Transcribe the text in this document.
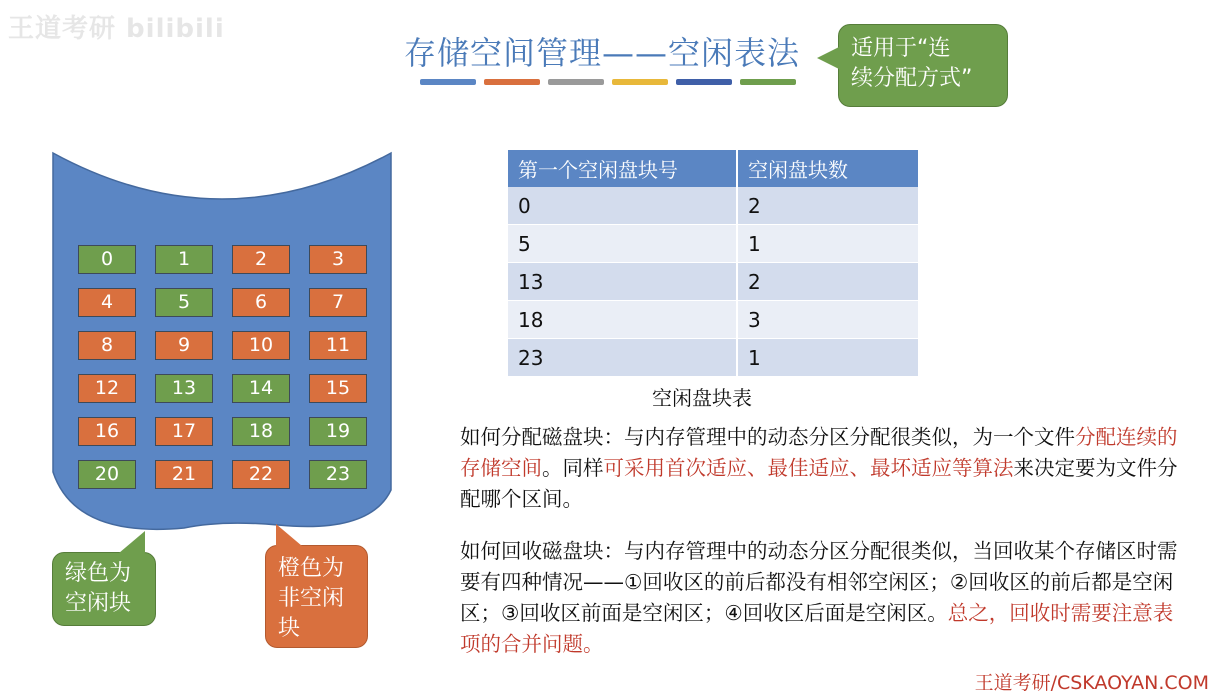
王道考研 bilibili
存储空间管理——空闲表法 适用于“连
续分配方式”
0	1	2	3
4	5	6	7
8	9	10	11
12	13	14	15
16	17	18	19
20	21	22	23
绿色为
空闲块
橙色为
非空闲
块
第一个空闲盘块号	空闲盘块数
0	2
5	1
13	2
18	3
23	1
空闲盘块表
如何分配磁盘块：与内存管理中的动态分区分配很类似，为一个文件分配连续的存储空间。同样可采用首次适应、最佳适应、最坏适应等算法来决定要为文件分配哪个区间。
如何回收磁盘块：与内存管理中的动态分区分配很类似，当回收某个存储区时需要有四种情况——①回收区的前后都没有相邻空闲区；②回收区的前后都是空闲区；③回收区前面是空闲区；④回收区后面是空闲区。总之，回收时需要注意表项的合并问题。
王道考研/CSKAOYAN.COM
